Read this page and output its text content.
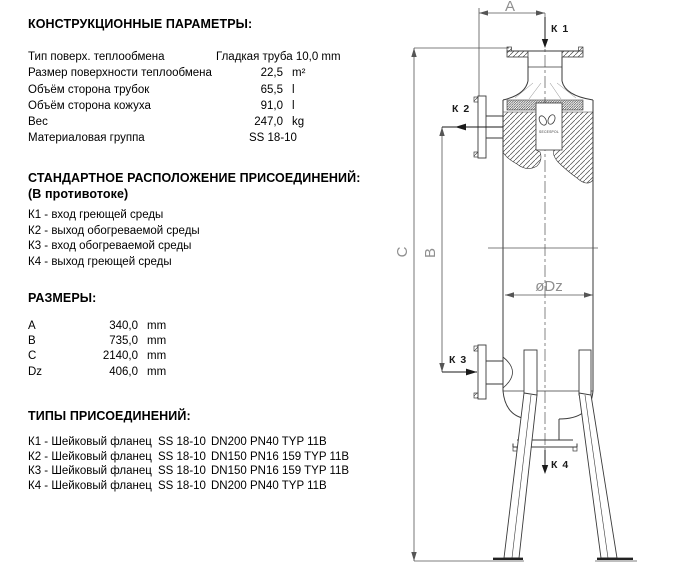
КОНСТРУКЦИОННЫЕ ПАРАМЕТРЫ:
Тип поверх. теплообмена	Гладкая труба 10,0 mm
Размер поверхности теплообмена	22,5 m²
Объём сторона трубок	65,5 l
Объём сторона кожуха	91,0 l
Вес	247,0 kg
Материаловая группа	SS 18-10
СТАНДАРТНОЕ РАСПОЛОЖЕНИЕ ПРИСОЕДИНЕНИЙ:
(В противотоке)
К1 - вход греющей среды
К2 - выход обогреваемой среды
К3 - вход обогреваемой среды
К4 - выход греющей среды
РАЗМЕРЫ:
A	340,0 mm
B	735,0 mm
C	2140,0 mm
Dz	406,0 mm
ТИПЫ ПРИСОЕДИНЕНИЙ:
К1 - Шейковый фланец SS 18-10 DN200 PN40 TYP 11B
К2 - Шейковый фланец SS 18-10 DN150 PN16 159 TYP 11B
К3 - Шейковый фланец SS 18-10 DN150 PN16 159 TYP 11B
К4 - Шейковый фланец SS 18-10 DN200 PN40 TYP 11B
C B
A
SECESPOL
øDz
К 1
К 2
К 3
К 4
